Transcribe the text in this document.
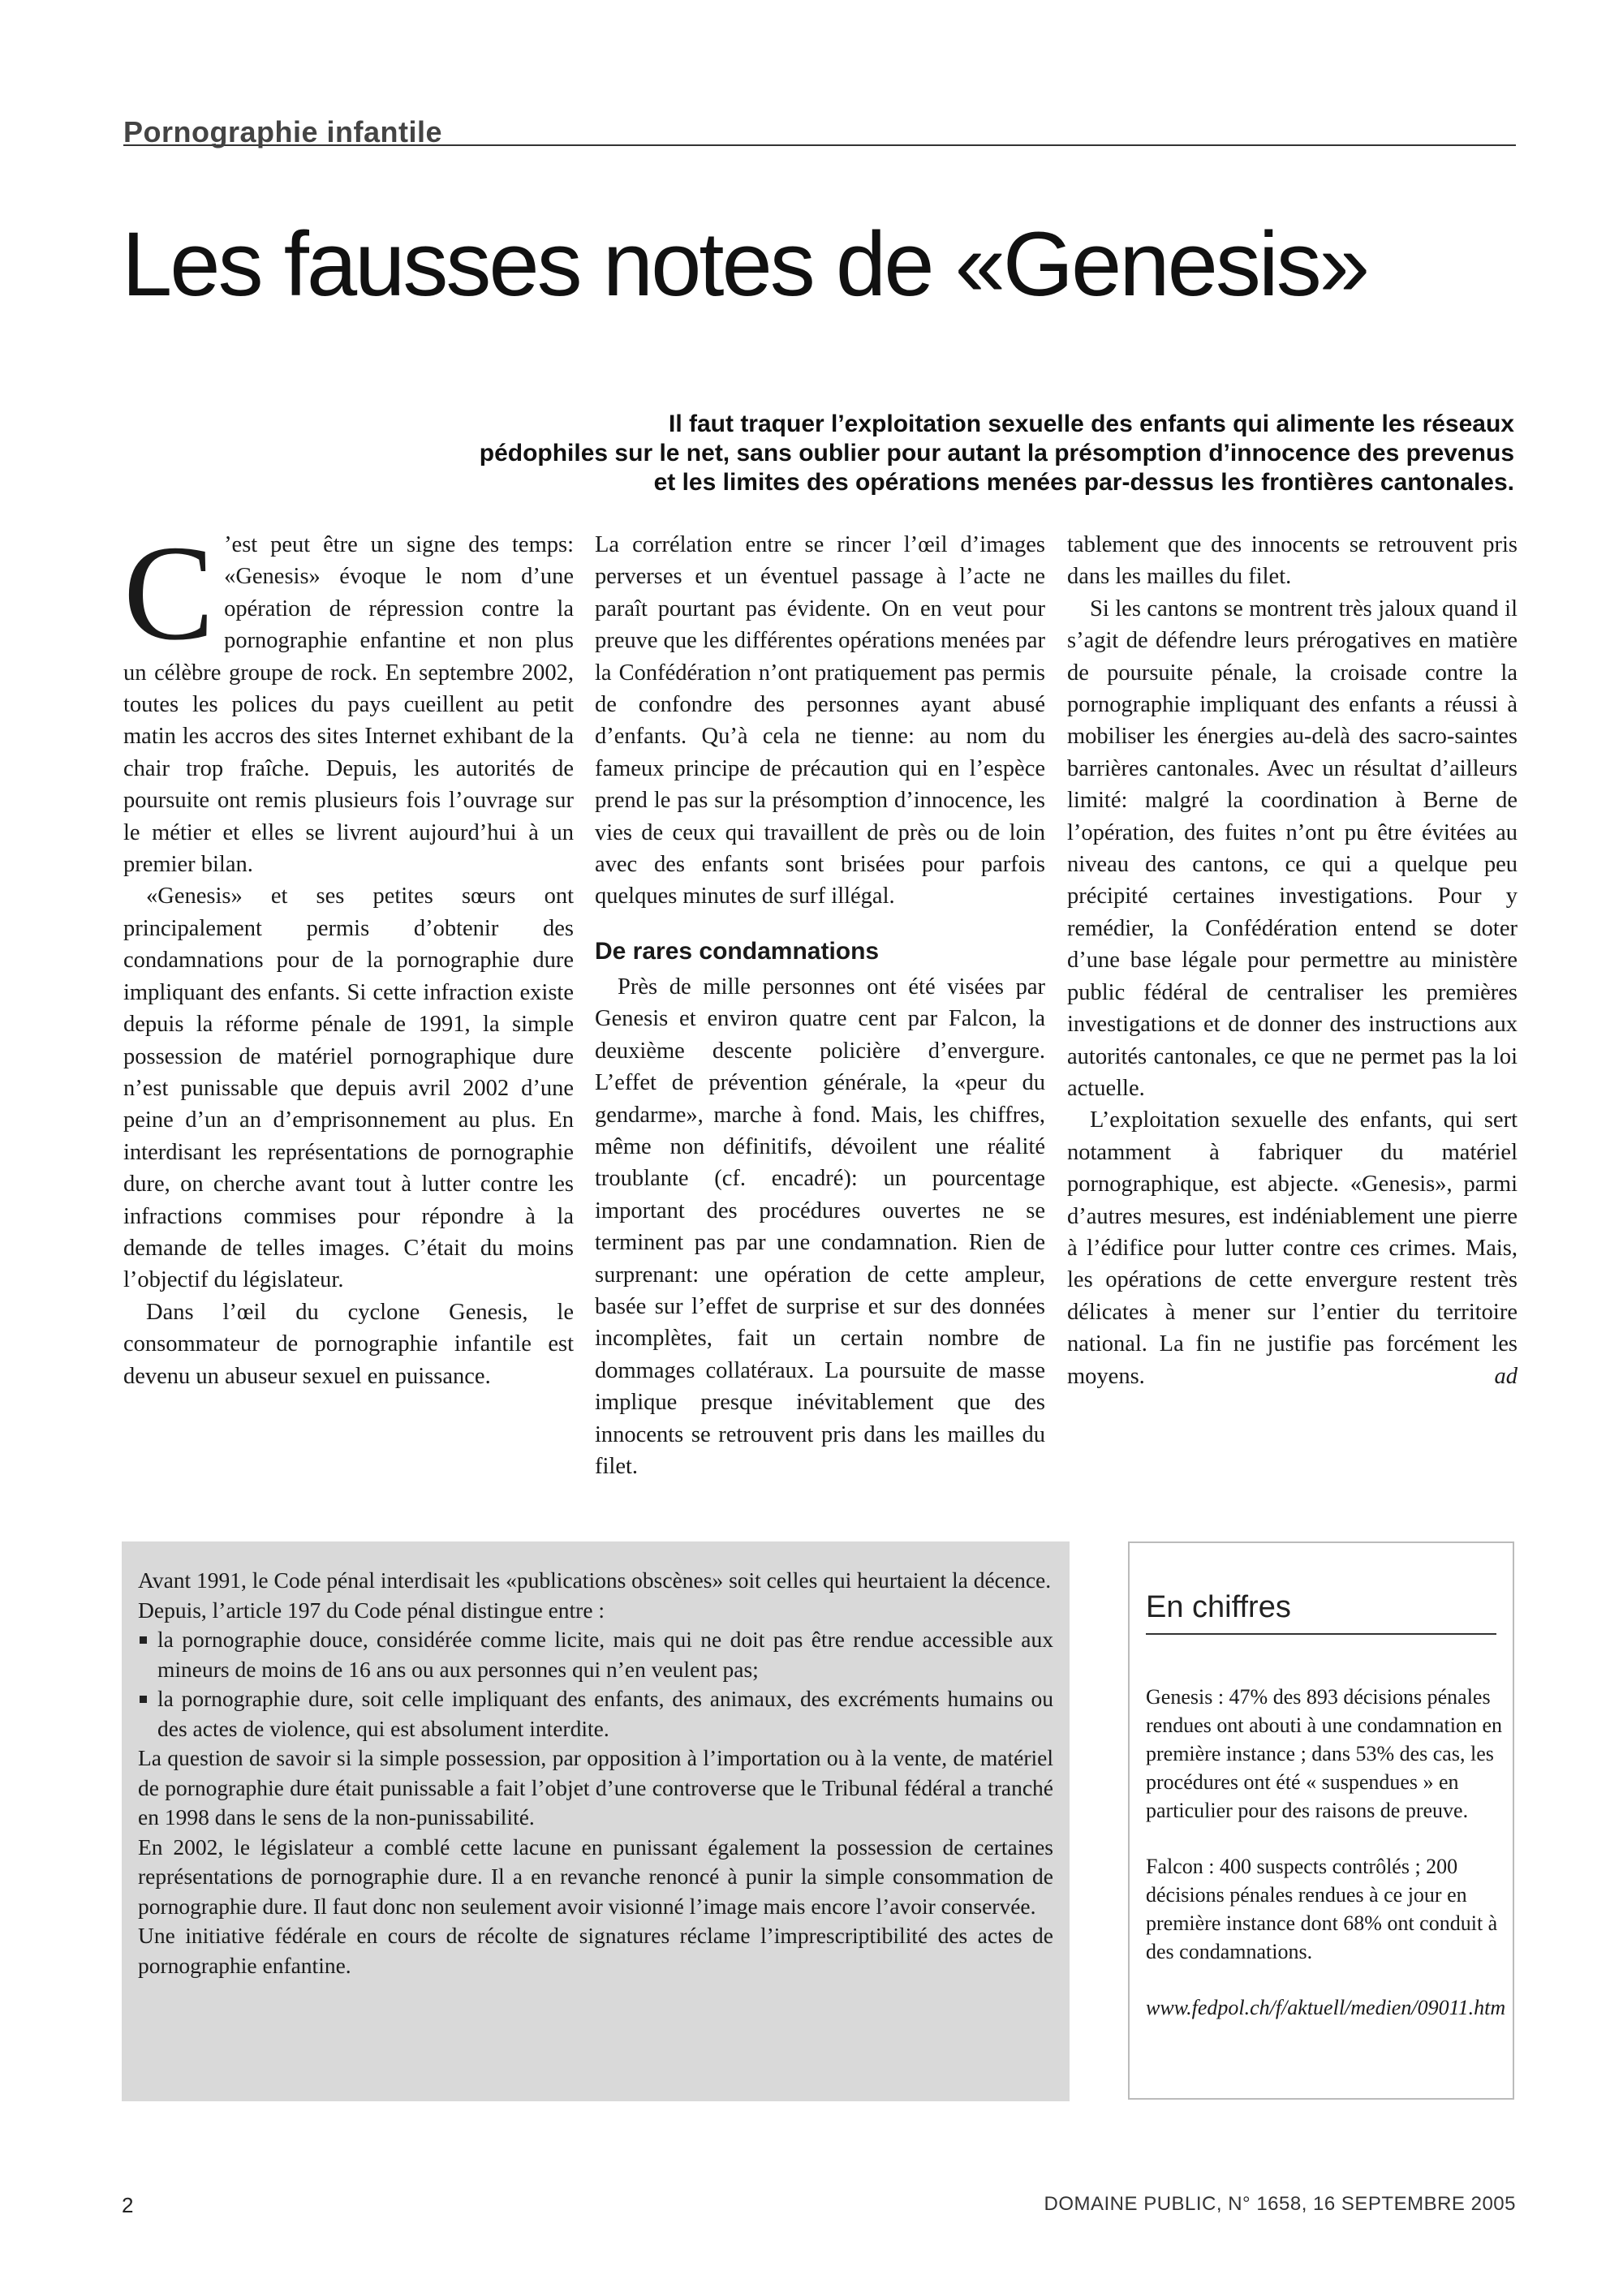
Pornographie infantile
Les fausses notes de «Genesis»
Il faut traquer l’exploitation sexuelle des enfants qui alimente les réseaux
pédophiles sur le net, sans oublier pour autant la présomption d’innocence des prevenus
et les limites des opérations menées par-dessus les frontières cantonales.

C ’est peut être un signe des temps: «Genesis» évoque le nom d’une opération de répression contre la pornographie enfantine et non plus un célèbre groupe de rock. En septembre 2002, toutes les polices du pays cueillent au petit matin les accros des sites Internet exhibant de la chair trop fraîche. Depuis, les autorités de poursuite ont remis plusieurs fois l’ouvrage sur le métier et elles se livrent aujourd’hui à un premier bilan.

«Genesis» et ses petites sœurs ont principalement permis d’obtenir des condamnations pour de la pornographie dure impliquant des enfants. Si cette infraction existe depuis la réforme pénale de 1991, la simple possession de matériel pornographique dure n’est punissable que depuis avril 2002 d’une peine d’un an d’emprisonnement au plus. En interdisant les représentations de pornographie dure, on cherche avant tout à lutter contre les infractions commises pour répondre à la demande de telles images. C’était du moins l’objectif du législateur.

Dans l’œil du cyclone Genesis, le consommateur de pornographie infantile est devenu un abuseur sexuel en puissance.

La corrélation entre se rincer l’œil d’images perverses et un éventuel passage à l’acte ne paraît pourtant pas évidente. On en veut pour preuve que les différentes opérations menées par la Confédération n’ont pratiquement pas permis de confondre des personnes ayant abusé d’enfants. Qu’à cela ne tienne: au nom du fameux principe de précaution qui en l’espèce prend le pas sur la présomption d’innocence, les vies de ceux qui travaillent de près ou de loin avec des enfants sont brisées pour parfois quelques minutes de surf illégal.

De rares condamnations

Près de mille personnes ont été visées par Genesis et environ quatre cent par Falcon, la deuxième descente policière d’envergure. L’effet de prévention générale, la «peur du gendarme», marche à fond. Mais, les chiffres, même non définitifs, dévoilent une réalité troublante (cf. encadré): un pourcentage important des procédures ouvertes ne se terminent pas par une condamnation. Rien de surprenant: une opération de cette ampleur, basée sur l’effet de surprise et sur des données incomplètes, fait un certain nombre de dommages collatéraux. La poursuite de masse implique presque inévitablement que des innocents se retrouvent pris dans les mailles du filet.

tablement que des innocents se retrouvent pris dans les mailles du filet.

Si les cantons se montrent très jaloux quand il s’agit de défendre leurs prérogatives en matière de poursuite pénale, la croisade contre la pornographie impliquant des enfants a réussi à mobiliser les énergies au-delà des sacro-saintes barrières cantonales. Avec un résultat d’ailleurs limité: malgré la coordination à Berne de l’opération, des fuites n’ont pu être évitées au niveau des cantons, ce qui a quelque peu précipité certaines investigations. Pour y remédier, la Confédération entend se doter d’une base légale pour permettre au ministère public fédéral de centraliser les premières investigations et de donner des instructions aux autorités cantonales, ce que ne permet pas la loi actuelle.

L’exploitation sexuelle des enfants, qui sert notamment à fabriquer du matériel pornographique, est abjecte. «Genesis», parmi d’autres mesures, est indéniablement une pierre à l’édifice pour lutter contre ces crimes. Mais, les opérations de cette envergure restent très délicates à mener sur l’entier du territoire national. La fin ne justifie pas forcément les moyens.	ad

Avant 1991, le Code pénal interdisait les «publications obscènes» soit celles qui heurtaient la décence.

Depuis, l’article 197 du Code pénal distingue entre :

la pornographie douce, considérée comme licite, mais qui ne doit pas être rendue accessible aux mineurs de moins de 16 ans ou aux personnes qui n’en veulent pas;
la pornographie dure, soit celle impliquant des enfants, des animaux, des excréments humains ou des actes de violence, qui est absolument interdite.

La question de savoir si la simple possession, par opposition à l’importation ou à la vente, de matériel de pornographie dure était punissable a fait l’objet d’une controverse que le Tribunal fédéral a tranché en 1998 dans le sens de la non-punissabilité.

En 2002, le législateur a comblé cette lacune en punissant également la possession de certaines représentations de pornographie dure. Il a en revanche renoncé à punir la simple consommation de pornographie dure. Il faut donc non seulement avoir visionné l’image mais encore l’avoir conservée.

Une initiative fédérale en cours de récolte de signatures réclame l’imprescriptibilité des actes de pornographie enfantine.

En chiffres

Genesis : 47% des 893 décisions pénales rendues ont abouti à une condamnation en première instance ; dans 53% des cas, les procédures ont été « suspendues » en particulier pour des raisons de preuve.

Falcon : 400 suspects contrôlés ; 200 décisions pénales rendues à ce jour en première instance dont 68% ont conduit à des condamnations.

www.fedpol.ch/f/aktuell/medien/09011.htm

2	DOMAINE PUBLIC, N° 1658, 16 SEPTEMBRE 2005
